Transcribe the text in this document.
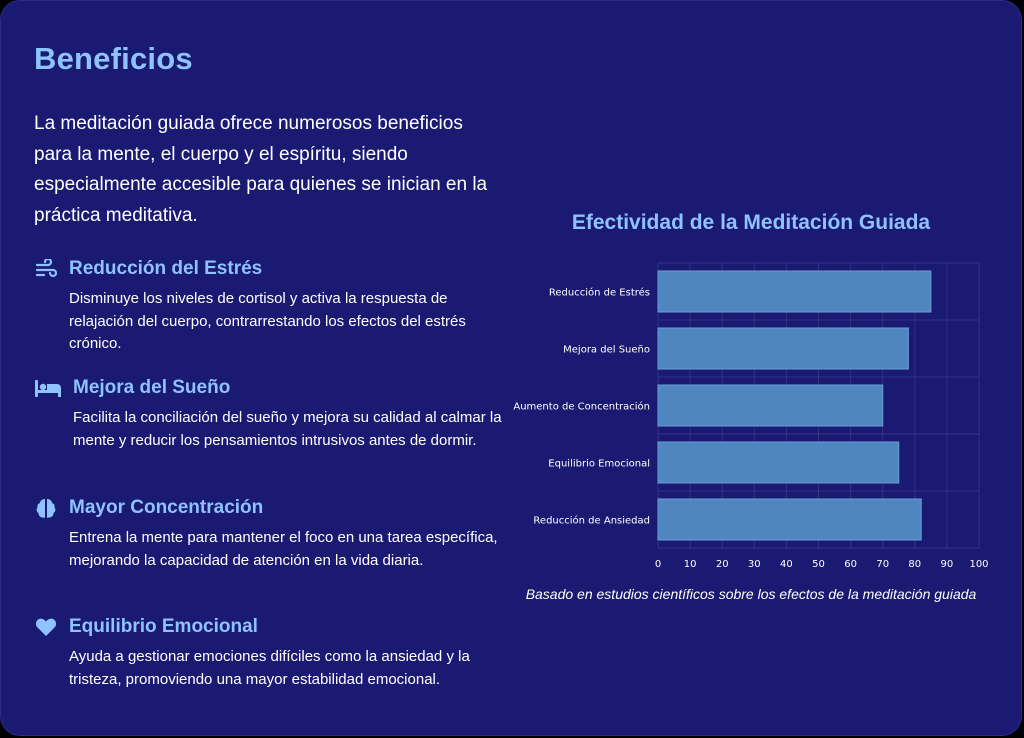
Beneficios

La meditación guiada ofrece numerosos beneficios para la mente, el cuerpo y el espíritu, siendo especialmente accesible para quienes se inician en la práctica meditativa.

Reducción del Estrés

Disminuye los niveles de cortisol y activa la respuesta de relajación del cuerpo, contrarrestando los efectos del estrés crónico.

Mejora del Sueño

Facilita la conciliación del sueño y mejora su calidad al calmar la mente y reducir los pensamientos intrusivos antes de dormir.

Mayor Concentración

Entrena la mente para mantener el foco en una tarea específica, mejorando la capacidad de atención en la vida diaria.

Equilibrio Emocional

Ayuda a gestionar emociones difíciles como la ansiedad y la tristeza, promoviendo una mayor estabilidad emocional.

Efectividad de la Meditación Guiada
Reducción de Estrés
Mejora del Sueño
Aumento de Concentración
Equilibrio Emocional
Reducción de Ansiedad
0 10 20 30 40 50 60 70 80 90 100

Basado en estudios científicos sobre los efectos de la meditación guiada
